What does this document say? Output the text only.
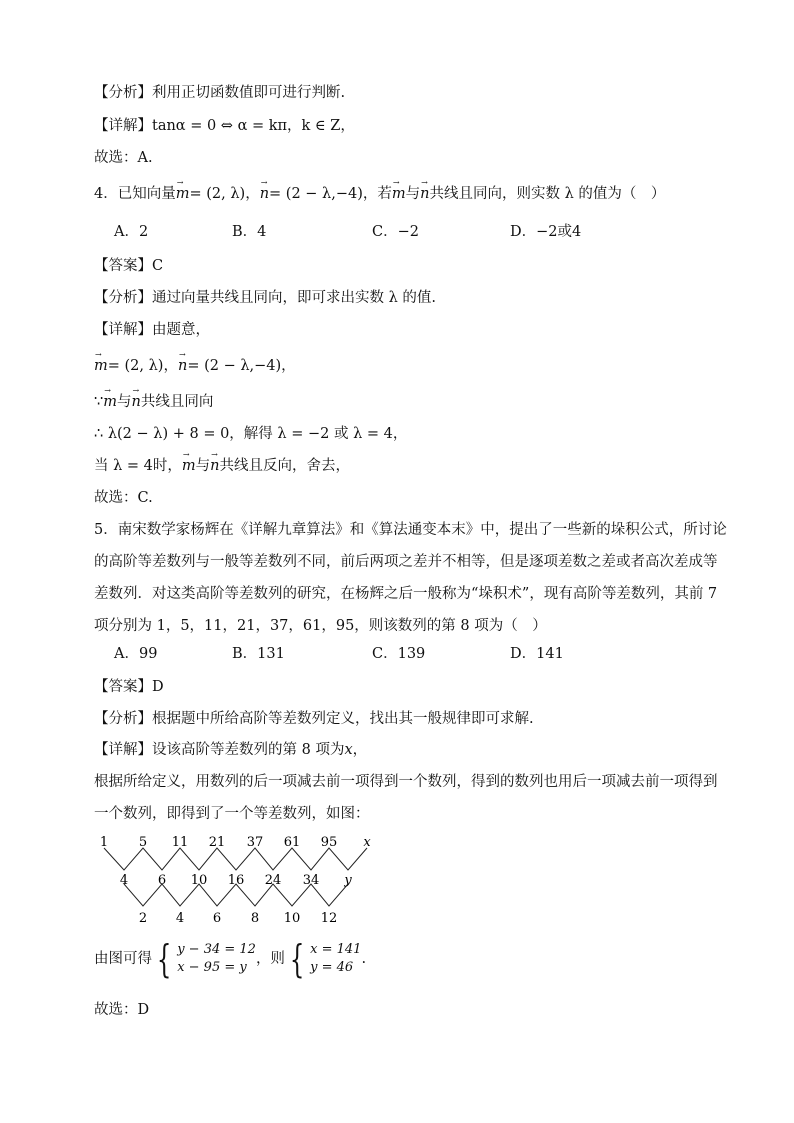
【分析】利用正切函数值即可进行判断.
【详解】tanα = 0 ⇔ α = kπ，k ∈ Z，
故选：A.
4．已知向量→ m= (2, λ)，→ n= (2 − λ,−4)，若→ m与→ n共线且同向，则实数 λ 的值为（　）
A．2	B．4	C．−2	D．−2或4
【答案】C
【分析】通过向量共线且同向，即可求出实数 λ 的值.
【详解】由题意，
→ m= (2, λ)，→ n= (2 − λ,−4)，
∵→ m与→ n共线且同向
∴ λ(2 − λ) + 8 = 0，解得 λ = −2 或 λ = 4，
当 λ = 4时，→ m与→ n共线且反向，舍去，
故选：C.
5．南宋数学家杨辉在《详解九章算法》和《算法通变本末》中，提出了一些新的垛积公式，所讨论
的高阶等差数列与一般等差数列不同，前后两项之差并不相等，但是逐项差数之差或者高次差成等
差数列．对这类高阶等差数列的研究，在杨辉之后一般称为“垛积术”，现有高阶等差数列，其前 7
项分别为 1，5，11，21，37，61，95，则该数列的第 8 项为（　）
A．99	B．131	C．139	D．141
【答案】D
【分析】根据题中所给高阶等差数列定义，找出其一般规律即可求解.
【详解】设该高阶等差数列的第 8 项为x，
根据所给定义，用数列的后一项减去前一项得到一个数列，得到的数列也用后一项减去前一项得到
一个数列，即得到了一个等差数列，如图：
1 5 11 21 37 61 95 x
4 6 10 16 24 34 y
2 4 6 8 10 12
由图可得 { y − 34 = 12
x − 95 = y
，则 { x = 141
y = 46
.
故选：D
